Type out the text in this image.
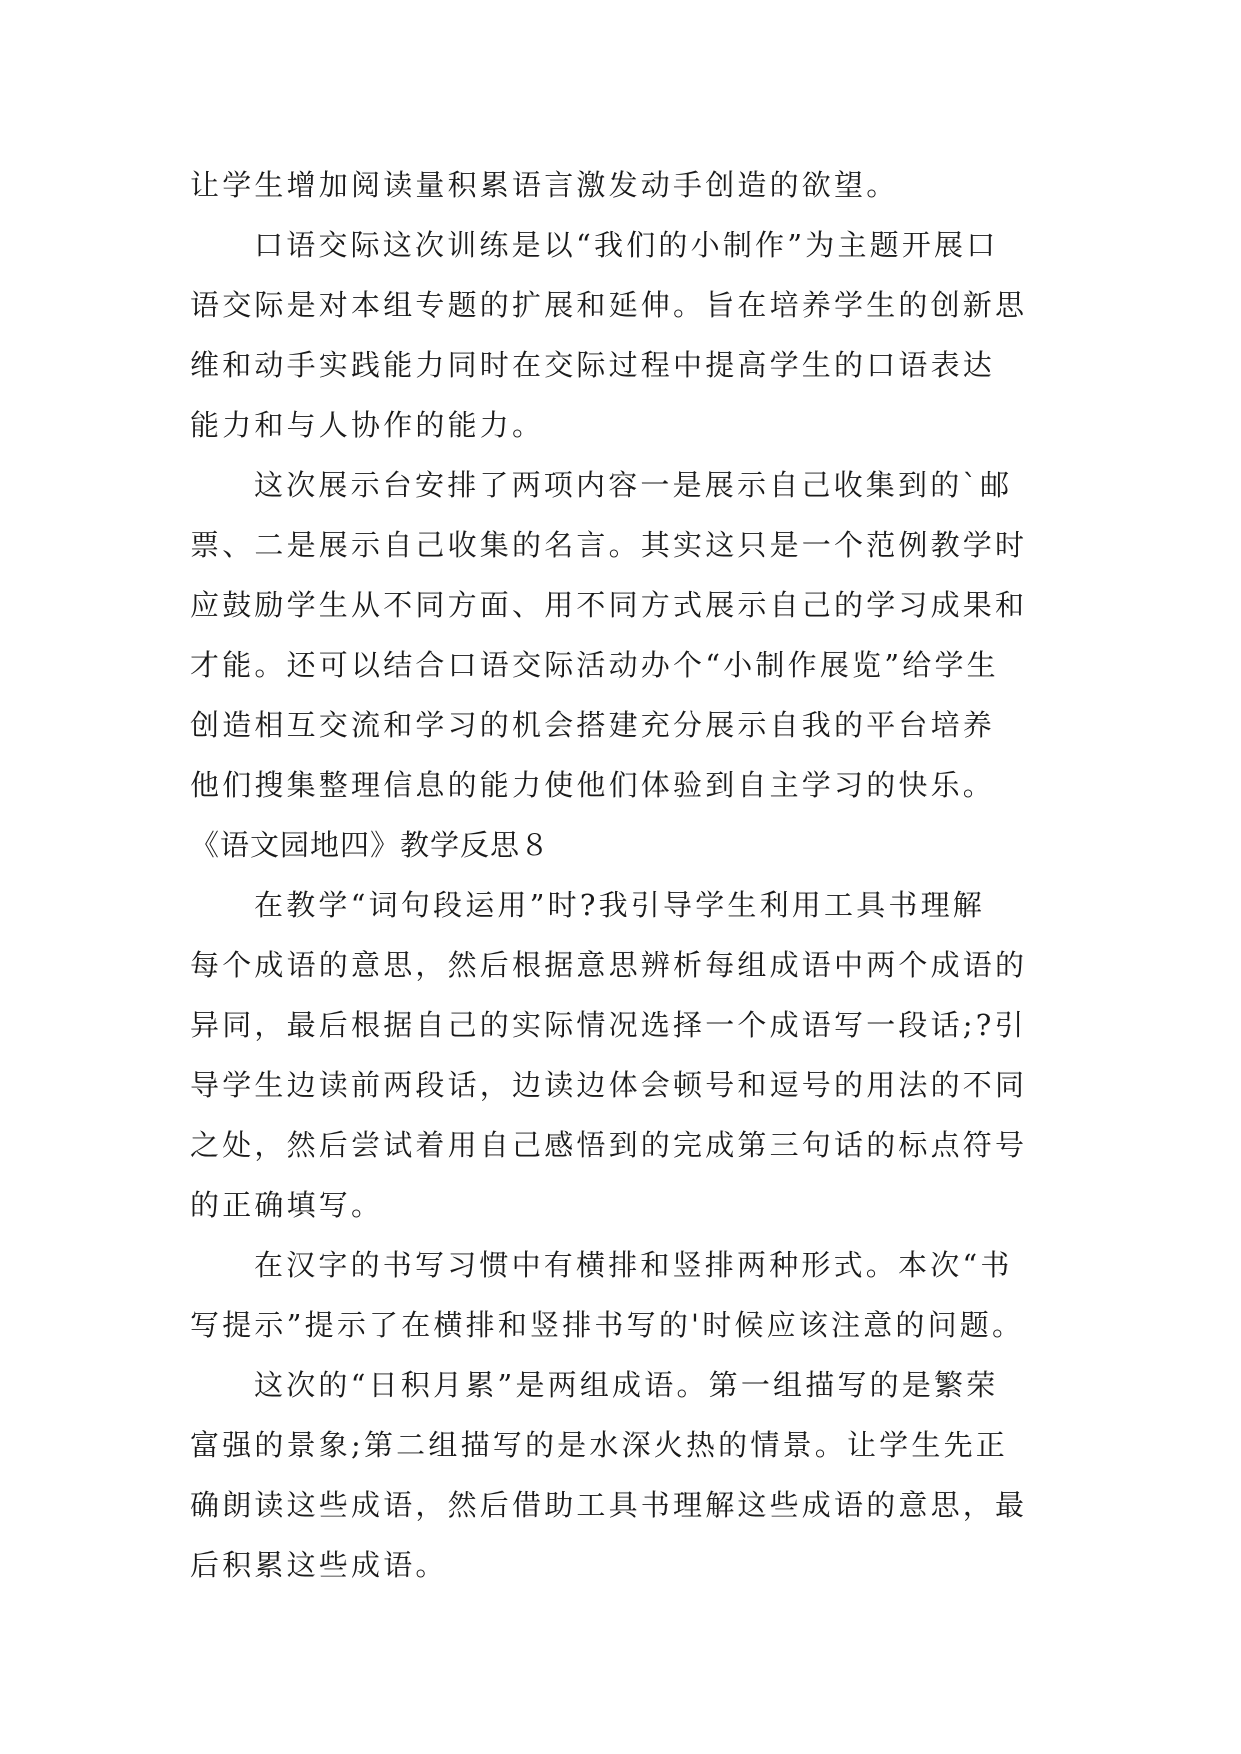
让学生增加阅读量积累语言激发动手创造的欲望。
口语交际这次训练是以“我们的小制作”为主题开展口
语交际是对本组专题的扩展和延伸。旨在培养学生的创新思
维和动手实践能力同时在交际过程中提高学生的口语表达
能力和与人协作的能力。
这次展示台安排了两项内容一是展示自己收集到的`邮
票、二是展示自己收集的名言。其实这只是一个范例教学时
应鼓励学生从不同方面、用不同方式展示自己的学习成果和
才能。还可以结合口语交际活动办个“小制作展览”给学生
创造相互交流和学习的机会搭建充分展示自我的平台培养
他们搜集整理信息的能力使他们体验到自主学习的快乐。
《语文园地四》教学反思８
在教学“词句段运用”时?我引导学生利用工具书理解
每个成语的意思，然后根据意思辨析每组成语中两个成语的
异同，最后根据自己的实际情况选择一个成语写一段话;?引
导学生边读前两段话，边读边体会顿号和逗号的用法的不同
之处，然后尝试着用自己感悟到的完成第三句话的标点符号
的正确填写。
在汉字的书写习惯中有横排和竖排两种形式。本次“书
写提示”提示了在横排和竖排书写的'时候应该注意的问题。
这次的“日积月累”是两组成语。第一组描写的是繁荣
富强的景象;第二组描写的是水深火热的情景。让学生先正
确朗读这些成语，然后借助工具书理解这些成语的意思，最
后积累这些成语。
